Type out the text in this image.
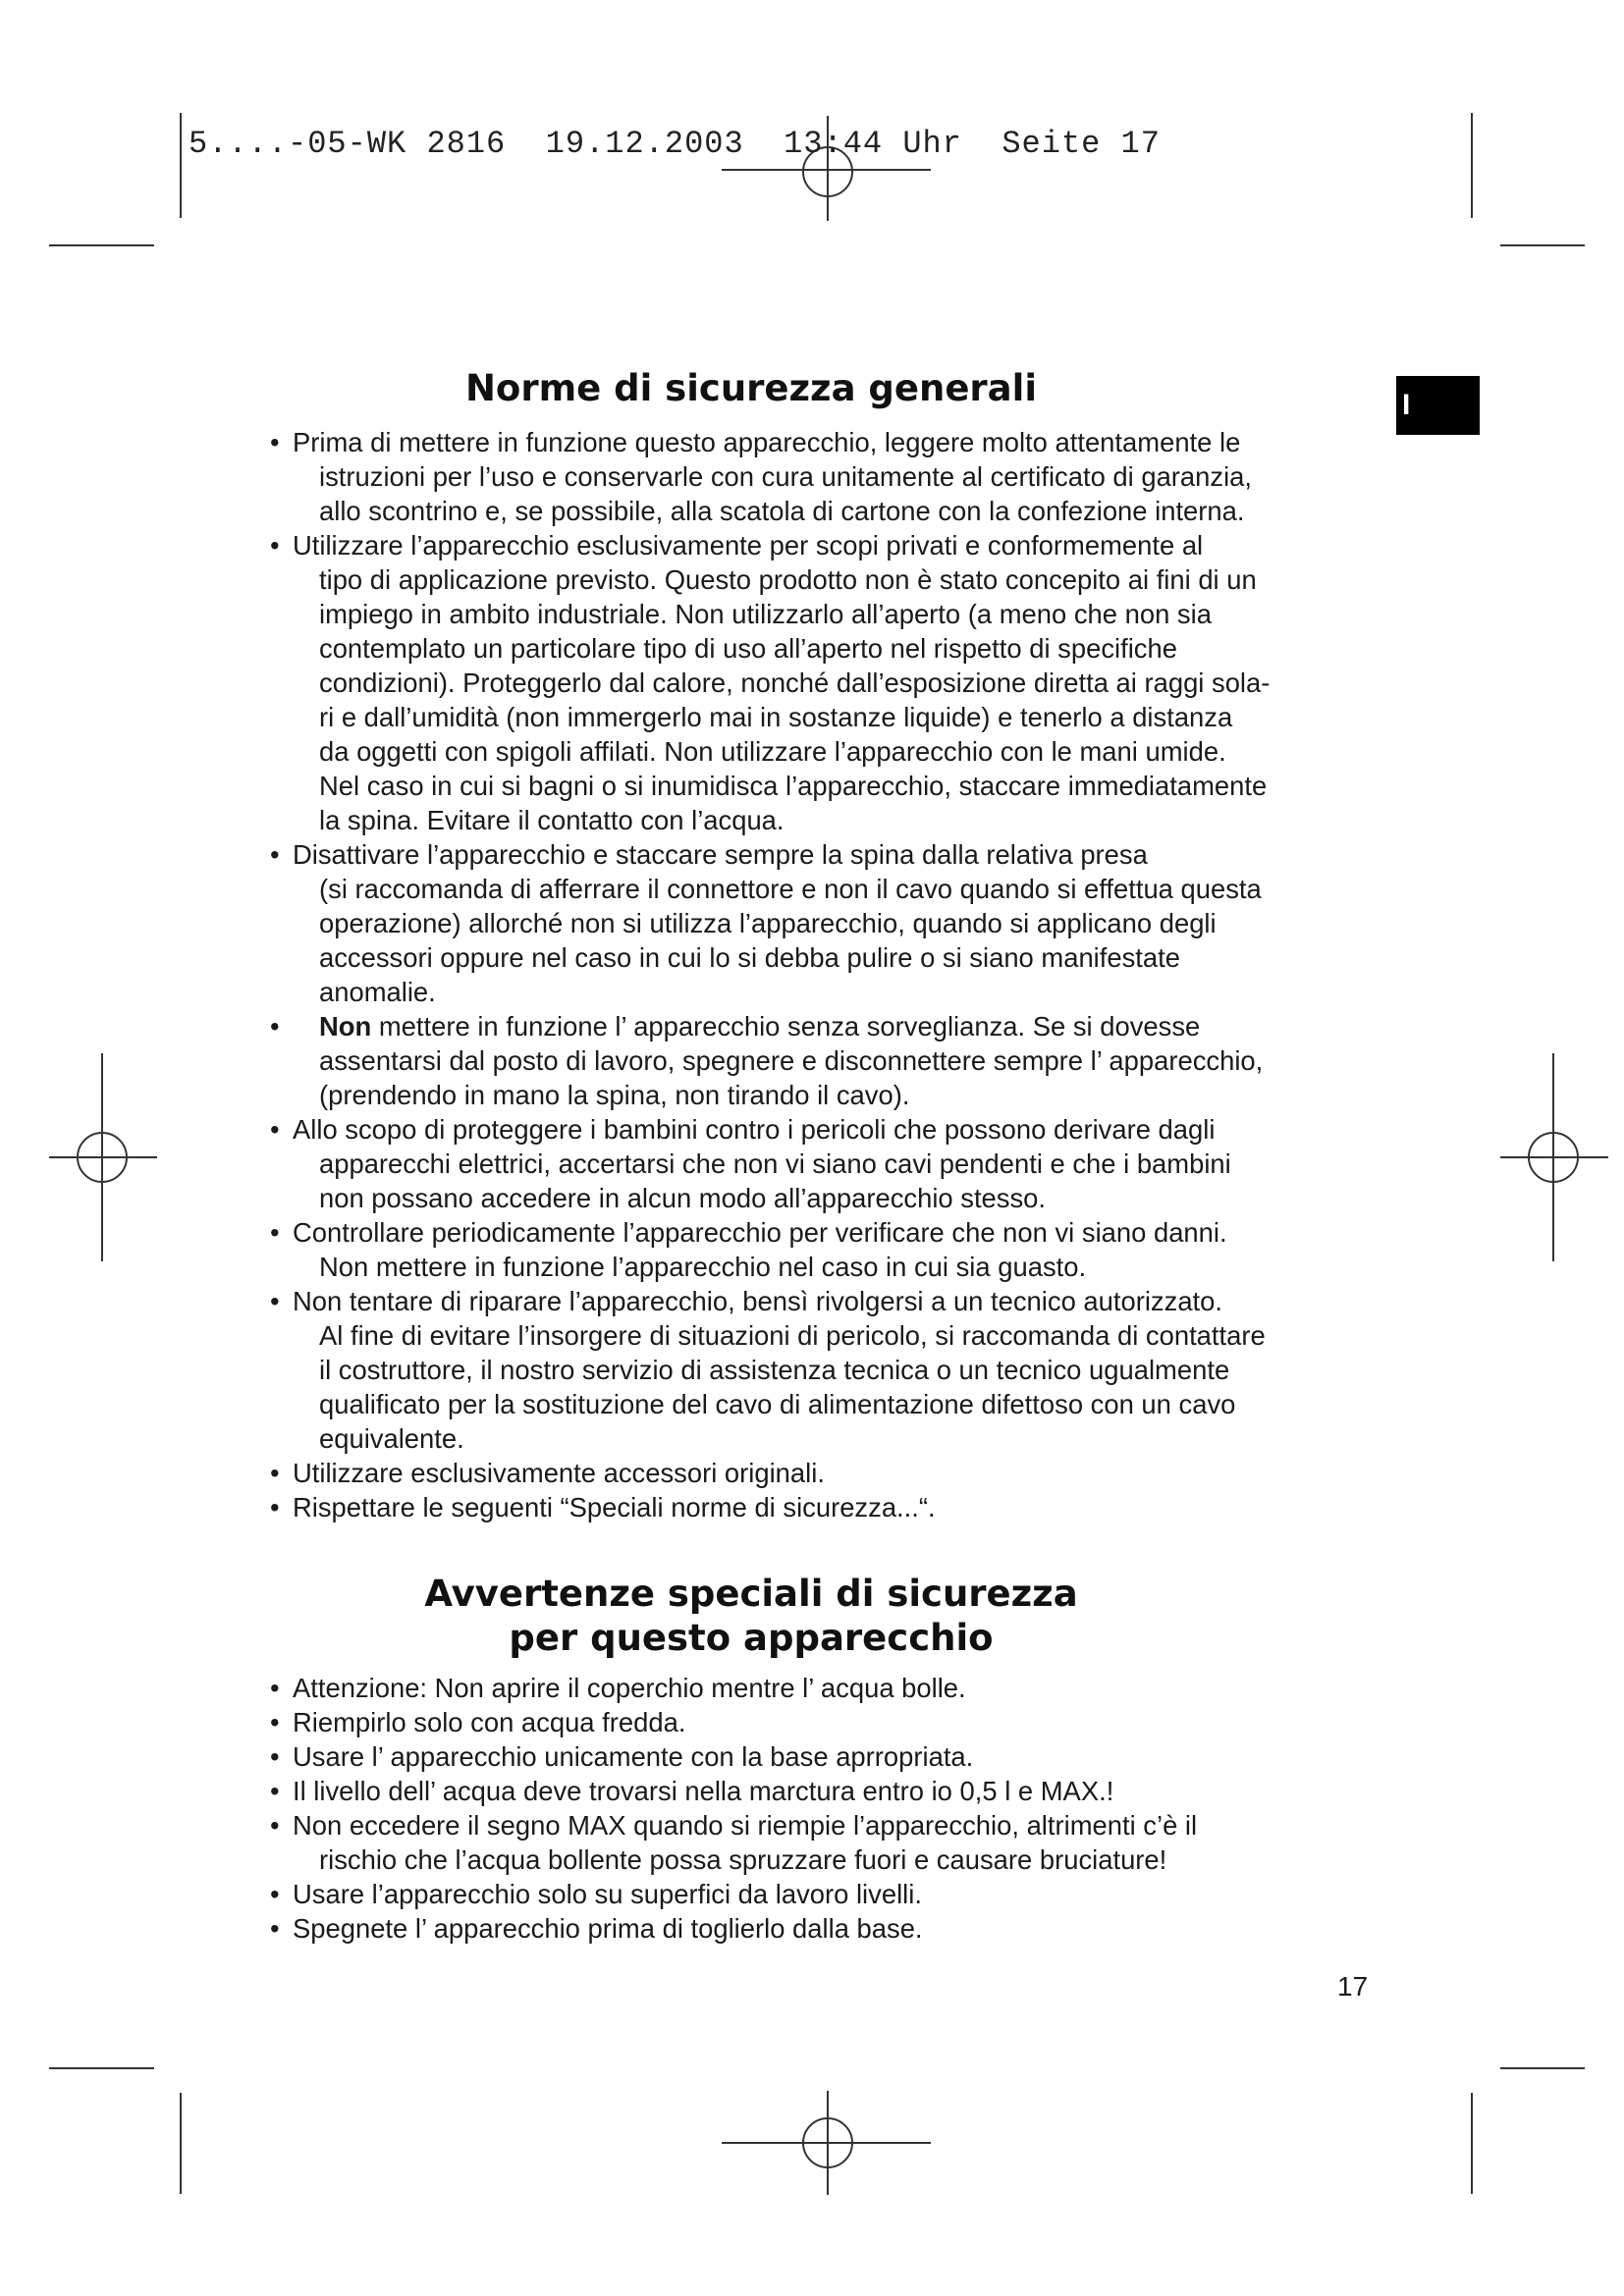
5....-05-WK 2816  19.12.2003  13:44 Uhr  Seite 17
I
Norme di sicurezza generali
• Prima di mettere in funzione questo apparecchio, leggere molto attentamente le
istruzioni per l’uso e conservarle con cura unitamente al certificato di garanzia,
allo scontrino e, se possibile, alla scatola di cartone con la confezione interna.
• Utilizzare l’apparecchio esclusivamente per scopi privati e conformemente al
tipo di applicazione previsto. Questo prodotto non è stato concepito ai fini di un
impiego in ambito industriale. Non utilizzarlo all’aperto (a meno che non sia
contemplato un particolare tipo di uso all’aperto nel rispetto di specifiche
condizioni). Proteggerlo dal calore, nonché dall’esposizione diretta ai raggi sola-
ri e dall’umidità (non immergerlo mai in sostanze liquide) e tenerlo a distanza
da oggetti con spigoli affilati. Non utilizzare l’apparecchio con le mani umide.
Nel caso in cui si bagni o si inumidisca l’apparecchio, staccare immediatamente
la spina. Evitare il contatto con l’acqua.
• Disattivare l’apparecchio e staccare sempre la spina dalla relativa presa
(si raccomanda di afferrare il connettore e non il cavo quando si effettua questa
operazione) allorché non si utilizza l’apparecchio, quando si applicano degli
accessori oppure nel caso in cui lo si debba pulire o si siano manifestate
anomalie.
• Non mettere in funzione l’ apparecchio senza sorveglianza. Se si dovesse
assentarsi dal posto di lavoro, spegnere e disconnettere sempre l’ apparecchio,
(prendendo in mano la spina, non tirando il cavo).
• Allo scopo di proteggere i bambini contro i pericoli che possono derivare dagli
apparecchi elettrici, accertarsi che non vi siano cavi pendenti e che i bambini
non possano accedere in alcun modo all’apparecchio stesso.
• Controllare periodicamente l’apparecchio per verificare che non vi siano danni.
Non mettere in funzione l’apparecchio nel caso in cui sia guasto.
• Non tentare di riparare l’apparecchio, bensì rivolgersi a un tecnico autorizzato.
Al fine di evitare l’insorgere di situazioni di pericolo, si raccomanda di contattare
il costruttore, il nostro servizio di assistenza tecnica o un tecnico ugualmente
qualificato per la sostituzione del cavo di alimentazione difettoso con un cavo
equivalente.
• Utilizzare esclusivamente accessori originali.
• Rispettare le seguenti “Speciali norme di sicurezza...“.
Avvertenze speciali di sicurezza
per questo apparecchio
• Attenzione: Non aprire il coperchio mentre l’ acqua bolle.
• Riempirlo solo con acqua fredda.
• Usare l’ apparecchio unicamente con la base aprropriata.
• Il livello dell’ acqua deve trovarsi nella marctura entro io 0,5 l e MAX.!
• Non eccedere il segno MAX quando si riempie l’apparecchio, altrimenti c’è il
rischio che l’acqua bollente possa spruzzare fuori e causare bruciature!
• Usare l’apparecchio solo su superfici da lavoro livelli.
• Spegnete l’ apparecchio prima di toglierlo dalla base.
17
